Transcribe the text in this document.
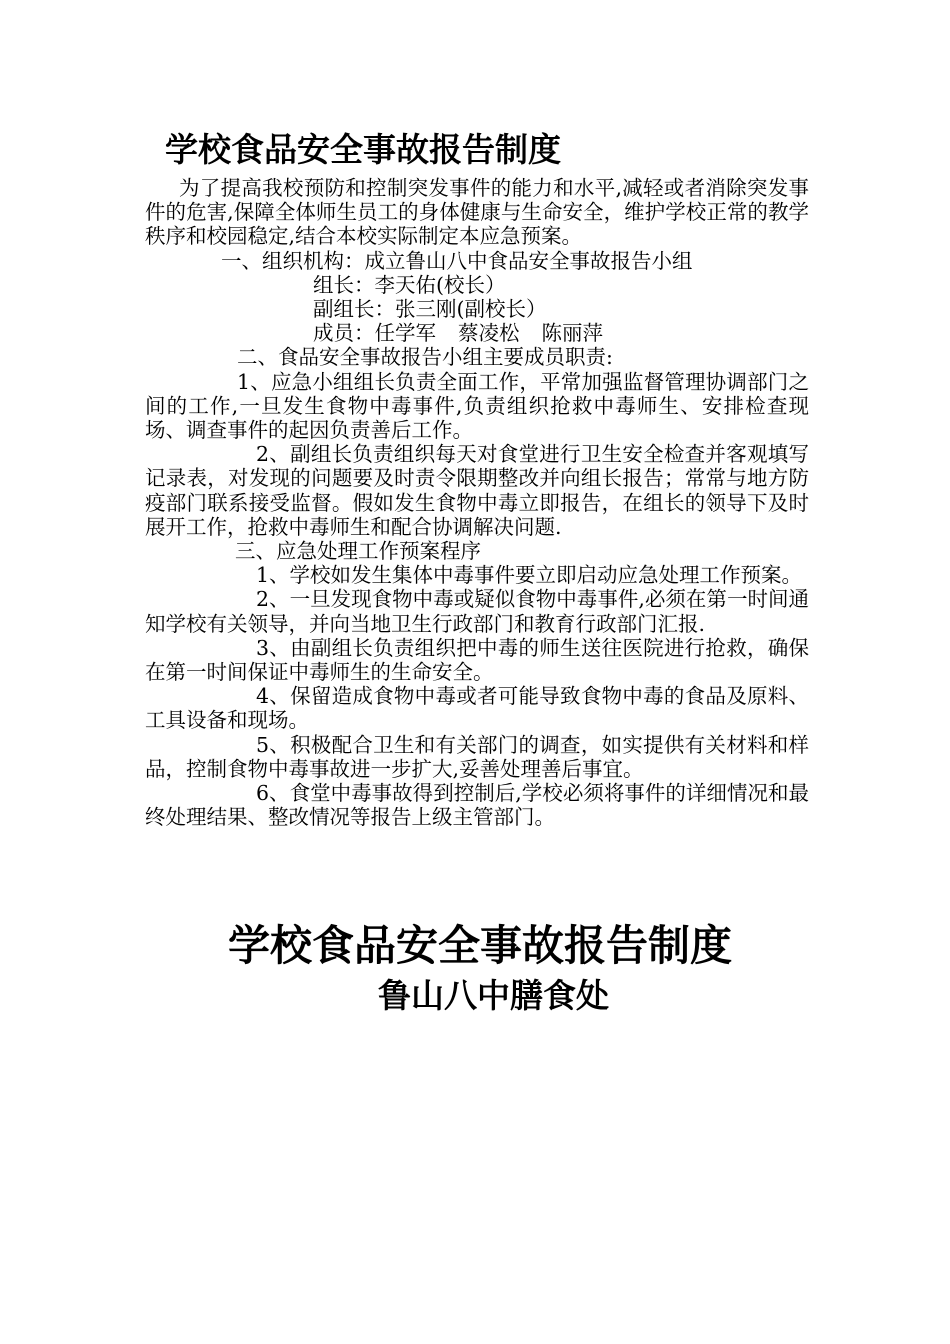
学校食品安全事故报告制度

为了提高我校预防和控制突发事件的能力和水平,减轻或者消除突发事件的危害,保障全体师生员工的身体健康与生命安全，维护学校正常的教学秩序和校园稳定,结合本校实际制定本应急预案。

一、组织机构：成立鲁山八中食品安全事故报告小组

组长：李天佑(校长）

副组长：张三刚(副校长）

成员：任学军 蔡凌松 陈丽萍

二、食品安全事故报告小组主要成员职责:

1、应急小组组长负责全面工作，平常加强监督管理协调部门之间的工作,一旦发生食物中毒事件,负责组织抢救中毒师生、安排检查现场、调查事件的起因负责善后工作。

2、副组长负责组织每天对食堂进行卫生安全检查并客观填写记录表，对发现的问题要及时责令限期整改并向组长报告；常常与地方防疫部门联系接受监督。假如发生食物中毒立即报告，在组长的领导下及时展开工作，抢救中毒师生和配合协调解决问题.

三、应急处理工作预案程序

1、学校如发生集体中毒事件要立即启动应急处理工作预案。

2、一旦发现食物中毒或疑似食物中毒事件,必须在第一时间通知学校有关领导，并向当地卫生行政部门和教育行政部门汇报.

3、由副组长负责组织把中毒的师生送往医院进行抢救，确保在第一时间保证中毒师生的生命安全。

4、保留造成食物中毒或者可能导致食物中毒的食品及原料、工具设备和现场。

5、积极配合卫生和有关部门的调查，如实提供有关材料和样品，控制食物中毒事故进一步扩大,妥善处理善后事宜。

6、食堂中毒事故得到控制后,学校必须将事件的详细情况和最终处理结果、整改情况等报告上级主管部门。

学校食品安全事故报告制度
鲁山八中膳食处
